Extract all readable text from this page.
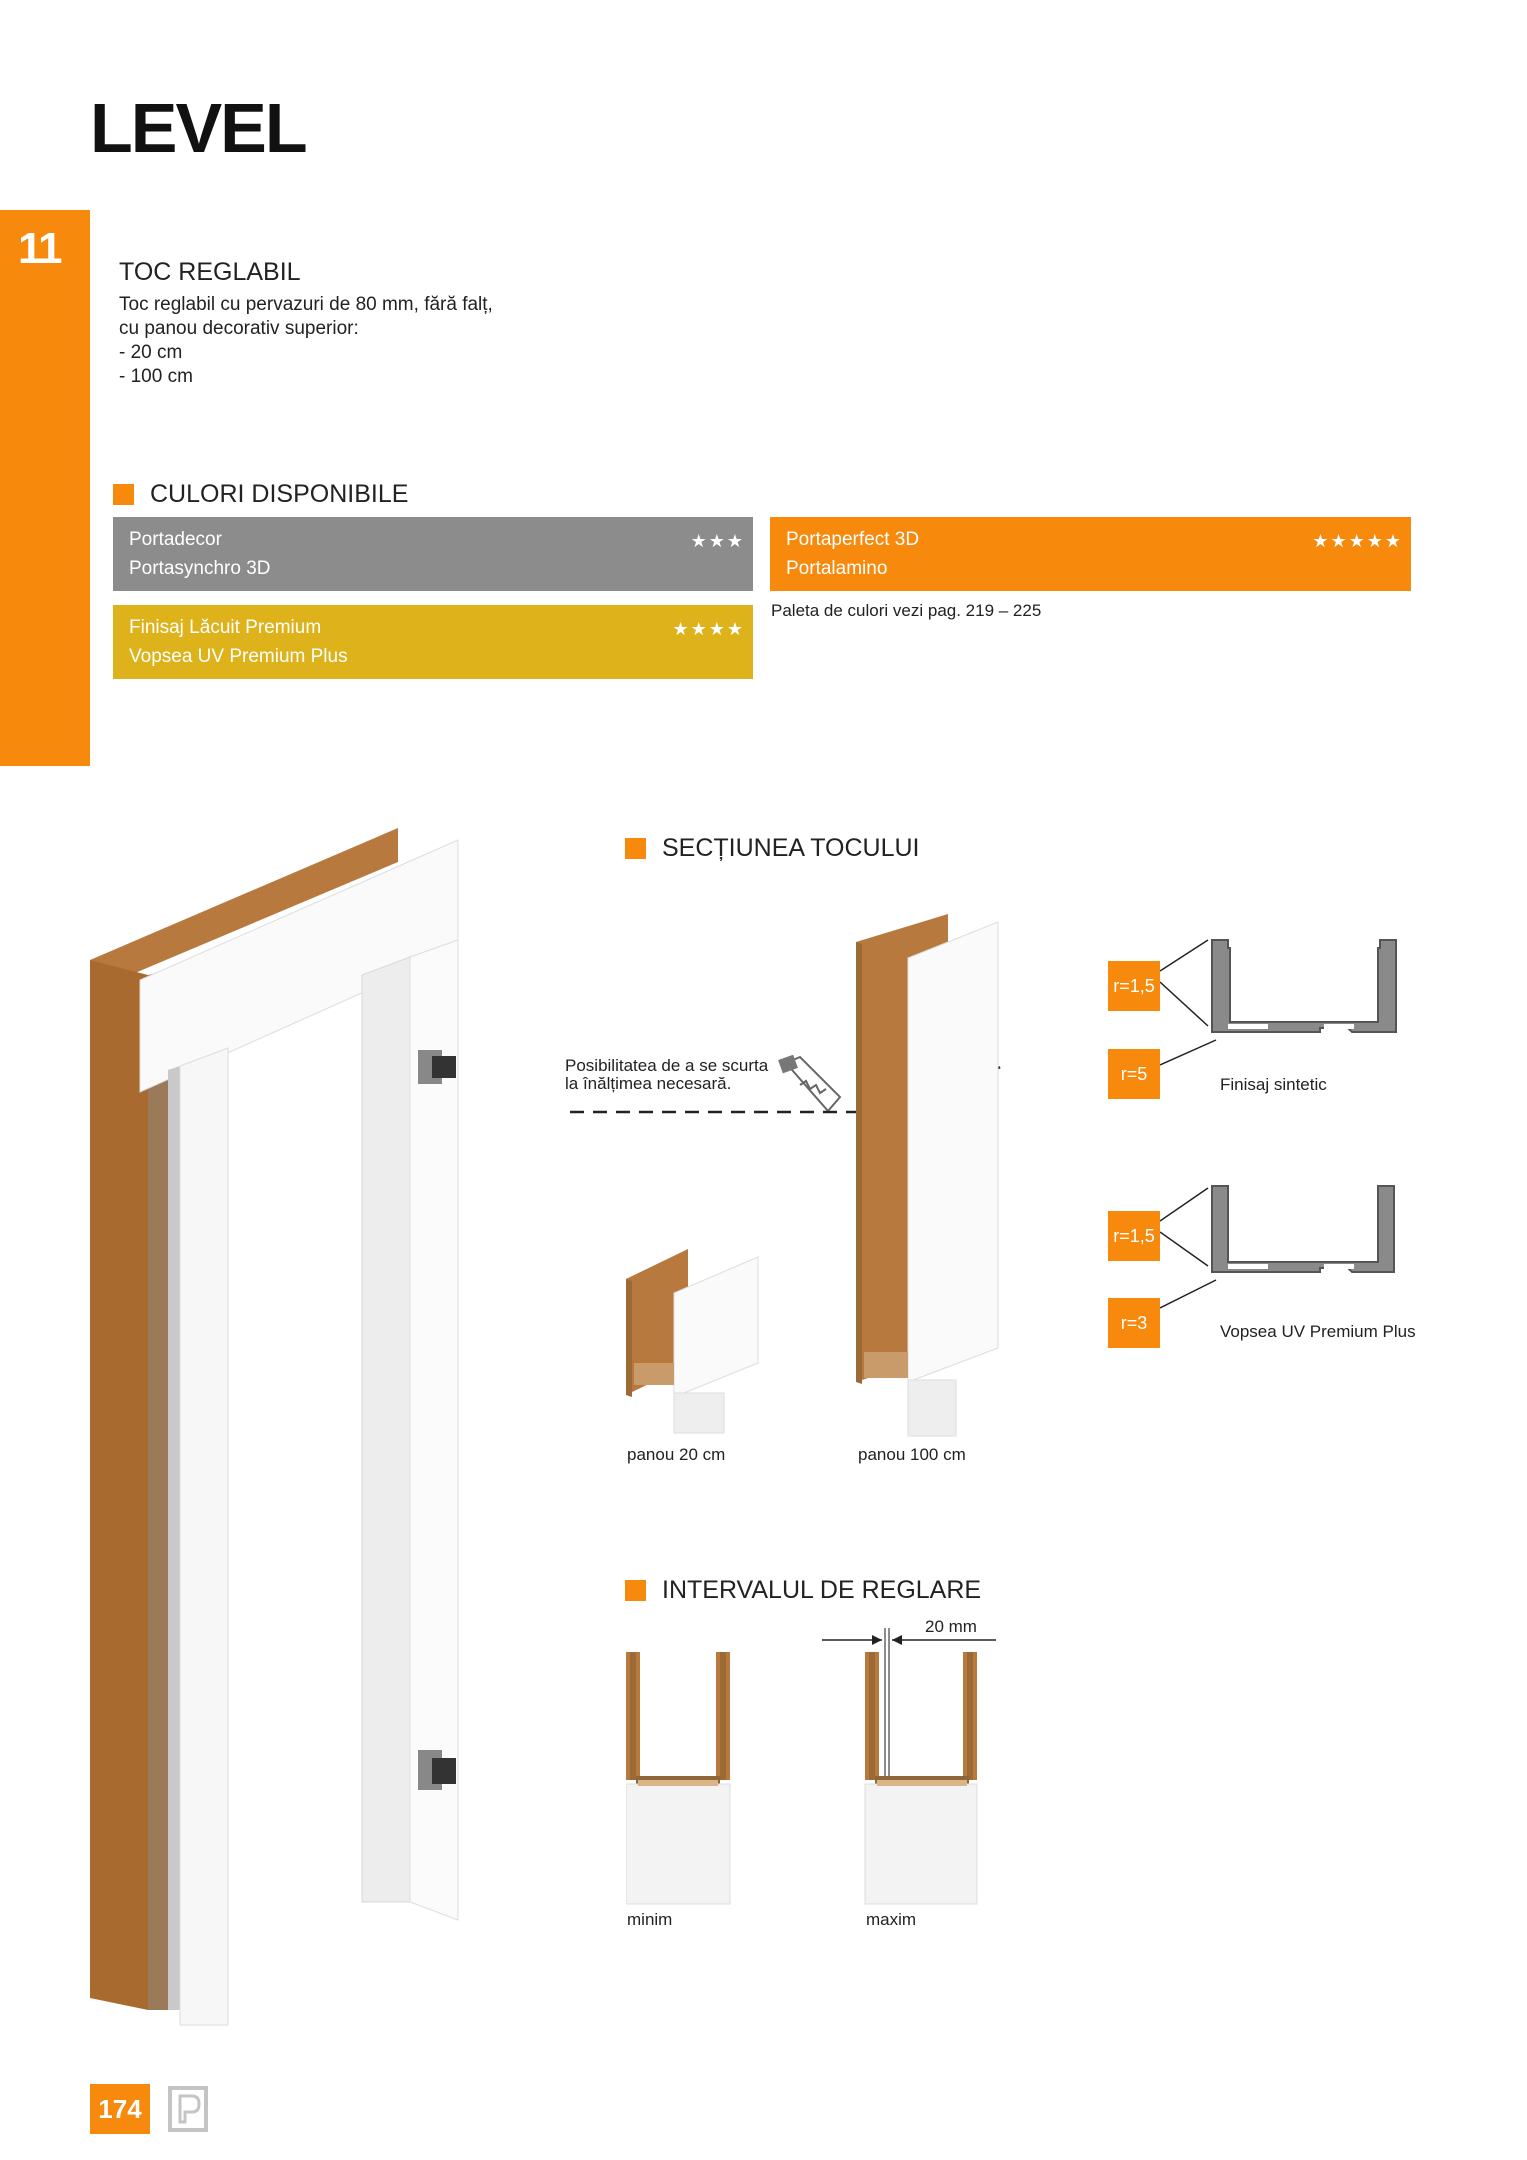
LEVEL
11 TOC REGLABIL
Toc reglabil cu pervazuri de 80 mm, fără falț,
cu panou decorativ superior:
- 20 cm
- 100 cm
CULORI DISPONIBILE
Portadecor
Portasynchro 3D
★★★ Portaperfect 3D
Portalamino
★★★★★
Finisaj Lăcuit Premium
Vopsea UV Premium Plus
★★★★
Paleta de culori vezi pag. 219 – 225
SECȚIUNEA TOCULUI
Posibilitatea de a se scurta
la înălțimea necesară.
panou 20 cm	panou 100 cm
r=1,5
r=5
Finisaj sintetic
r=1,5
r=3	Vopsea UV Premium Plus
INTERVALUL DE REGLARE
minim
20 mm
maxim
174
